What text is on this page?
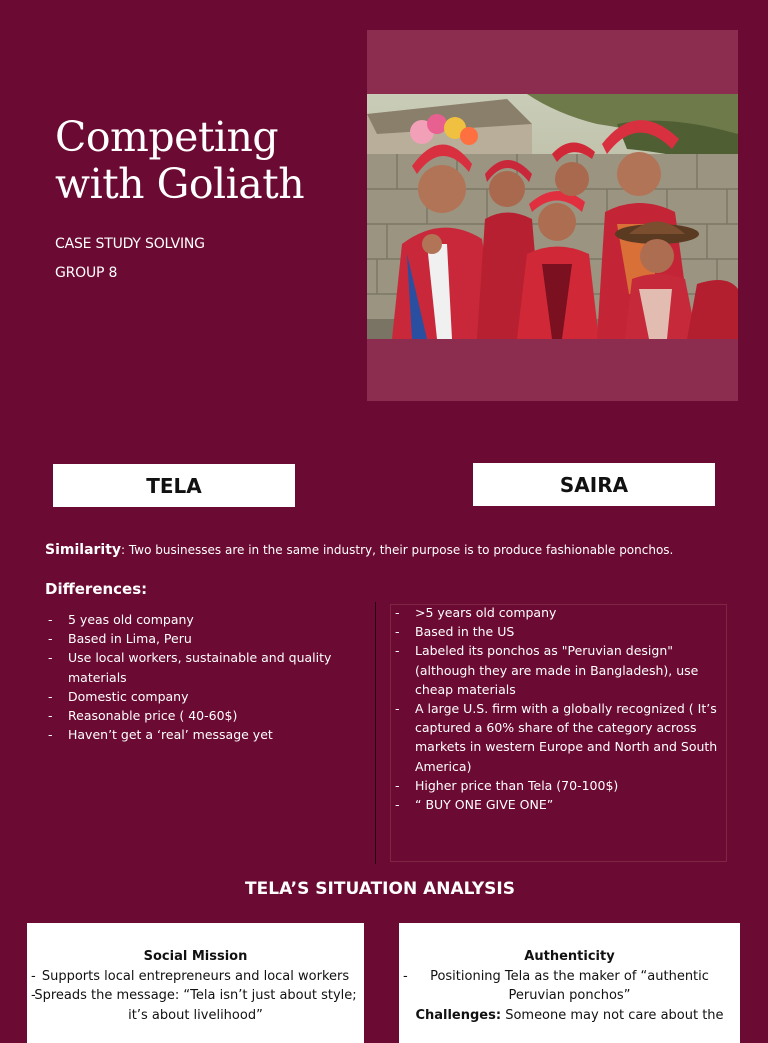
Competing
with Goliath
CASE STUDY SOLVING
GROUP 8
TELA	SAIRA
Similarity: Two businesses are in the same industry, their purpose is to produce fashionable ponchos.
Differences:
- 5 yeas old company
- Based in Lima, Peru
- Use local workers, sustainable and quality materials
- Domestic company
- Reasonable price ( 40-60$)
- Haven’t get a ‘real’ message yet
- >5 years old company
- Based in the US
- Labeled its ponchos as "Peruvian design" (although they are made in Bangladesh), use cheap materials
- A large U.S. firm with a globally recognized ( It’s captured a 60% share of the category across markets in western Europe and North and South America)
- Higher price than Tela (70-100$)
- “ BUY ONE GIVE ONE”
TELA’S SITUATION ANALYSIS
Social Mission
- Supports local entrepreneurs and local workers
-
Spreads the message: “Tela isn’t just about style; it’s about livelihood”
Authenticity
- Positioning Tela as the maker of “authentic Peruvian ponchos”
Challenges: Someone may not care about the
